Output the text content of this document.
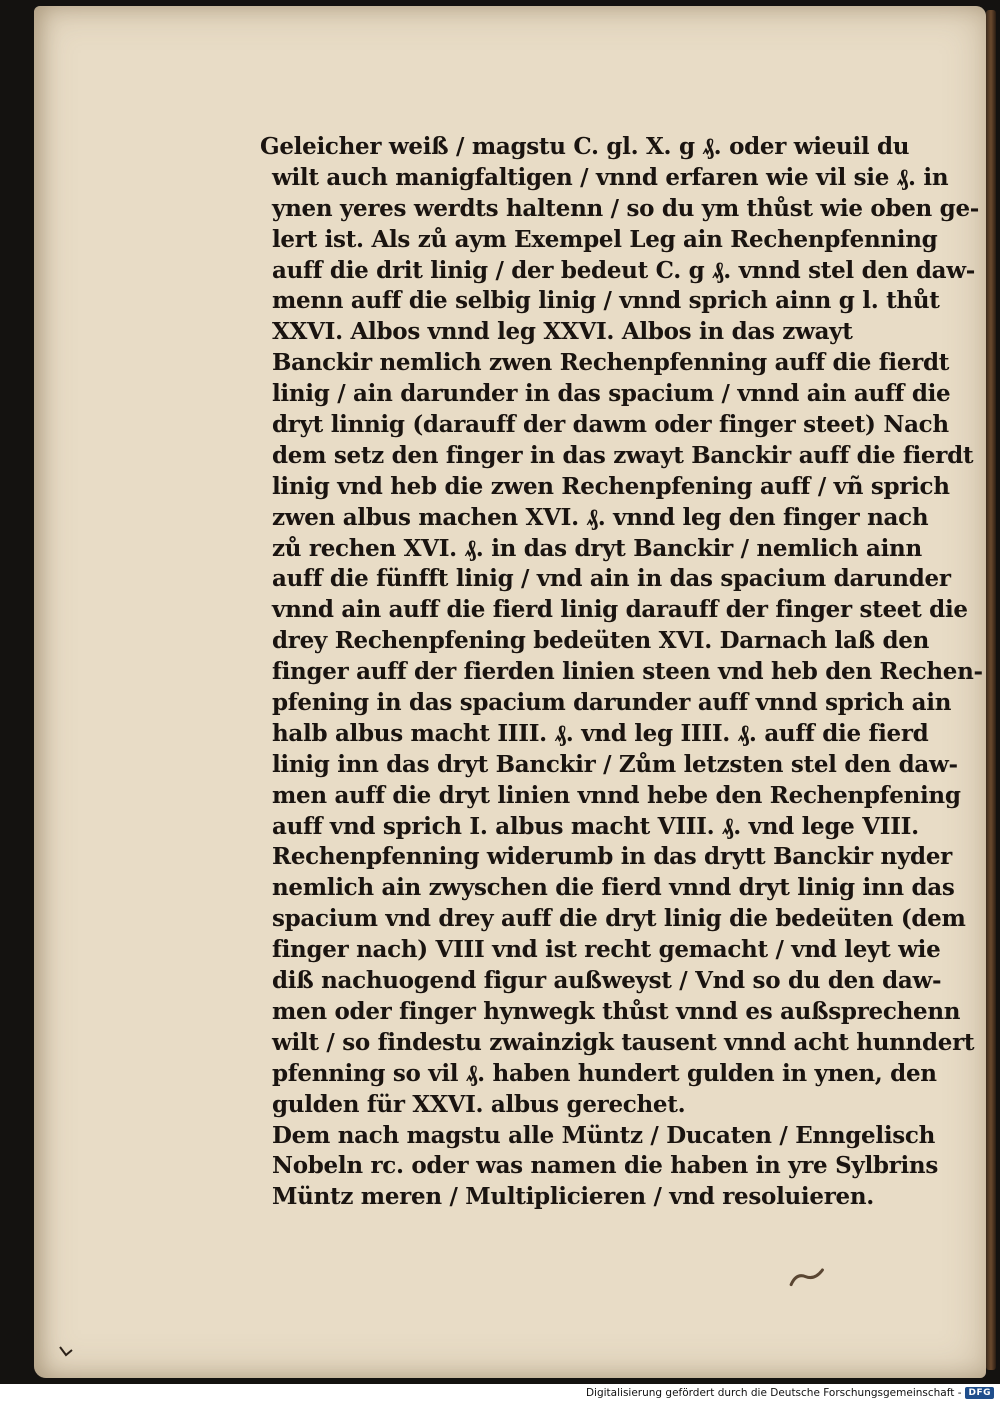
Geleicher weiß / magstu C. gl. X. g ₰. oder wieuil du
wilt auch manigfaltigen / vnnd erfaren wie vil sie ₰. in
ynen yeres werdts haltenn / so du ym thůst wie oben ge-
lert ist. Als zů aym Exempel Leg ain Rechenpfenning
auff die drit linig / der bedeut C. g ₰. vnnd stel den daw-
menn auff die selbig linig / vnnd sprich ainn g l. thůt
XXVI. Albos vnnd leg XXVI. Albos in das zwayt
Banckir nemlich zwen Rechenpfenning auff die fierdt
linig / ain darunder in das spacium / vnnd ain auff die
dryt linnig (darauff der dawm oder finger steet) Nach
dem setz den finger in das zwayt Banckir auff die fierdt
linig vnd heb die zwen Rechenpfening auff / vñ sprich
zwen albus machen XVI. ₰. vnnd leg den finger nach
zů rechen XVI. ₰. in das dryt Banckir / nemlich ainn
auff die fünfft linig / vnd ain in das spacium darunder
vnnd ain auff die fierd linig darauff der finger steet die
drey Rechenpfening bedeüten XVI. Darnach laß den
finger auff der fierden linien steen vnd heb den Rechen-
pfening in das spacium darunder auff vnnd sprich ain
halb albus macht IIII. ₰. vnd leg IIII. ₰. auff die fierd
linig inn das dryt Banckir / Zům letzsten stel den daw-
men auff die dryt linien vnnd hebe den Rechenpfening
auff vnd sprich I. albus macht VIII. ₰. vnd lege VIII.
Rechenpfenning widerumb in das drytt Banckir nyder
nemlich ain zwyschen die fierd vnnd dryt linig inn das
spacium vnd drey auff die dryt linig die bedeüten (dem
finger nach) VIII vnd ist recht gemacht / vnd leyt wie
diß nachuogend figur außweyst / Vnd so du den daw-
men oder finger hynwegk thůst vnnd es außsprechenn
wilt / so findestu zwainzigk tausent vnnd acht hunndert
pfenning so vil ₰. haben hundert gulden in ynen, den
gulden für XXVI. albus gerechet.
Dem nach magstu alle Müntz / Ducaten / Enngelisch
Nobeln rc. oder was namen die haben in yre Sylbrins
Müntz meren / Multiplicieren / vnd resoluieren.
Digitalisierung gefördert durch die Deutsche Forschungsgemeinschaft - DFG
